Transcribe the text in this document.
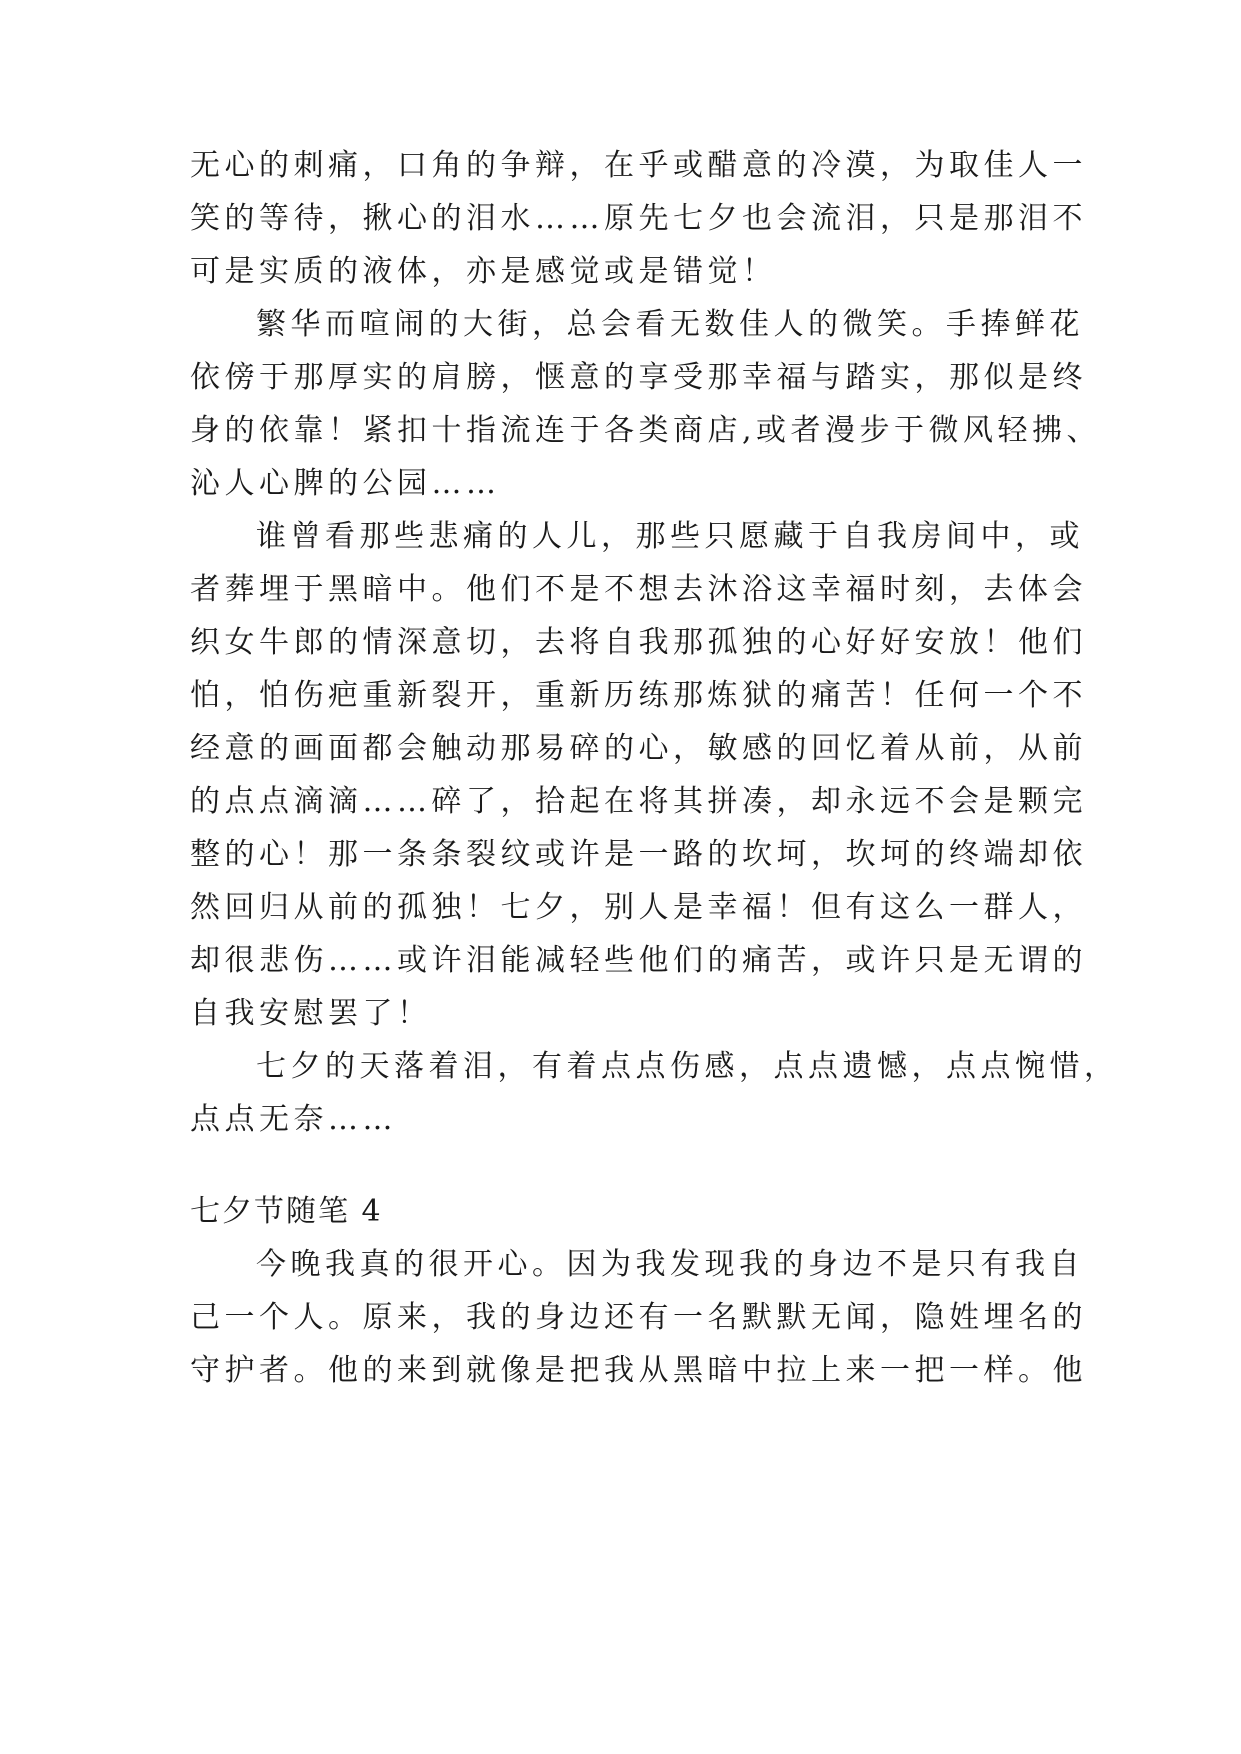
无心的刺痛，口角的争辩，在乎或醋意的冷漠，为取佳人一
笑的等待，揪心的泪水……原先七夕也会流泪，只是那泪不
可是实质的液体，亦是感觉或是错觉！
繁华而喧闹的大街，总会看无数佳人的微笑。手捧鲜花
依傍于那厚实的肩膀，惬意的享受那幸福与踏实，那似是终
身的依靠！紧扣十指流连于各类商店,或者漫步于微风轻拂、
沁人心脾的公园……
谁曾看那些悲痛的人儿，那些只愿藏于自我房间中，或
者葬埋于黑暗中。他们不是不想去沐浴这幸福时刻，去体会
织女牛郎的情深意切，去将自我那孤独的心好好安放！他们
怕，怕伤疤重新裂开，重新历练那炼狱的痛苦！任何一个不
经意的画面都会触动那易碎的心，敏感的回忆着从前，从前
的点点滴滴……碎了，拾起在将其拼凑，却永远不会是颗完
整的心！那一条条裂纹或许是一路的坎坷，坎坷的终端却依
然回归从前的孤独！七夕，别人是幸福！但有这么一群人，
却很悲伤……或许泪能减轻些他们的痛苦，或许只是无谓的
自我安慰罢了！
七夕的天落着泪，有着点点伤感，点点遗憾，点点惋惜，
点点无奈……
七夕节随笔 4
今晚我真的很开心。因为我发现我的身边不是只有我自
己一个人。原来，我的身边还有一名默默无闻，隐姓埋名的
守护者。他的来到就像是把我从黑暗中拉上来一把一样。他
